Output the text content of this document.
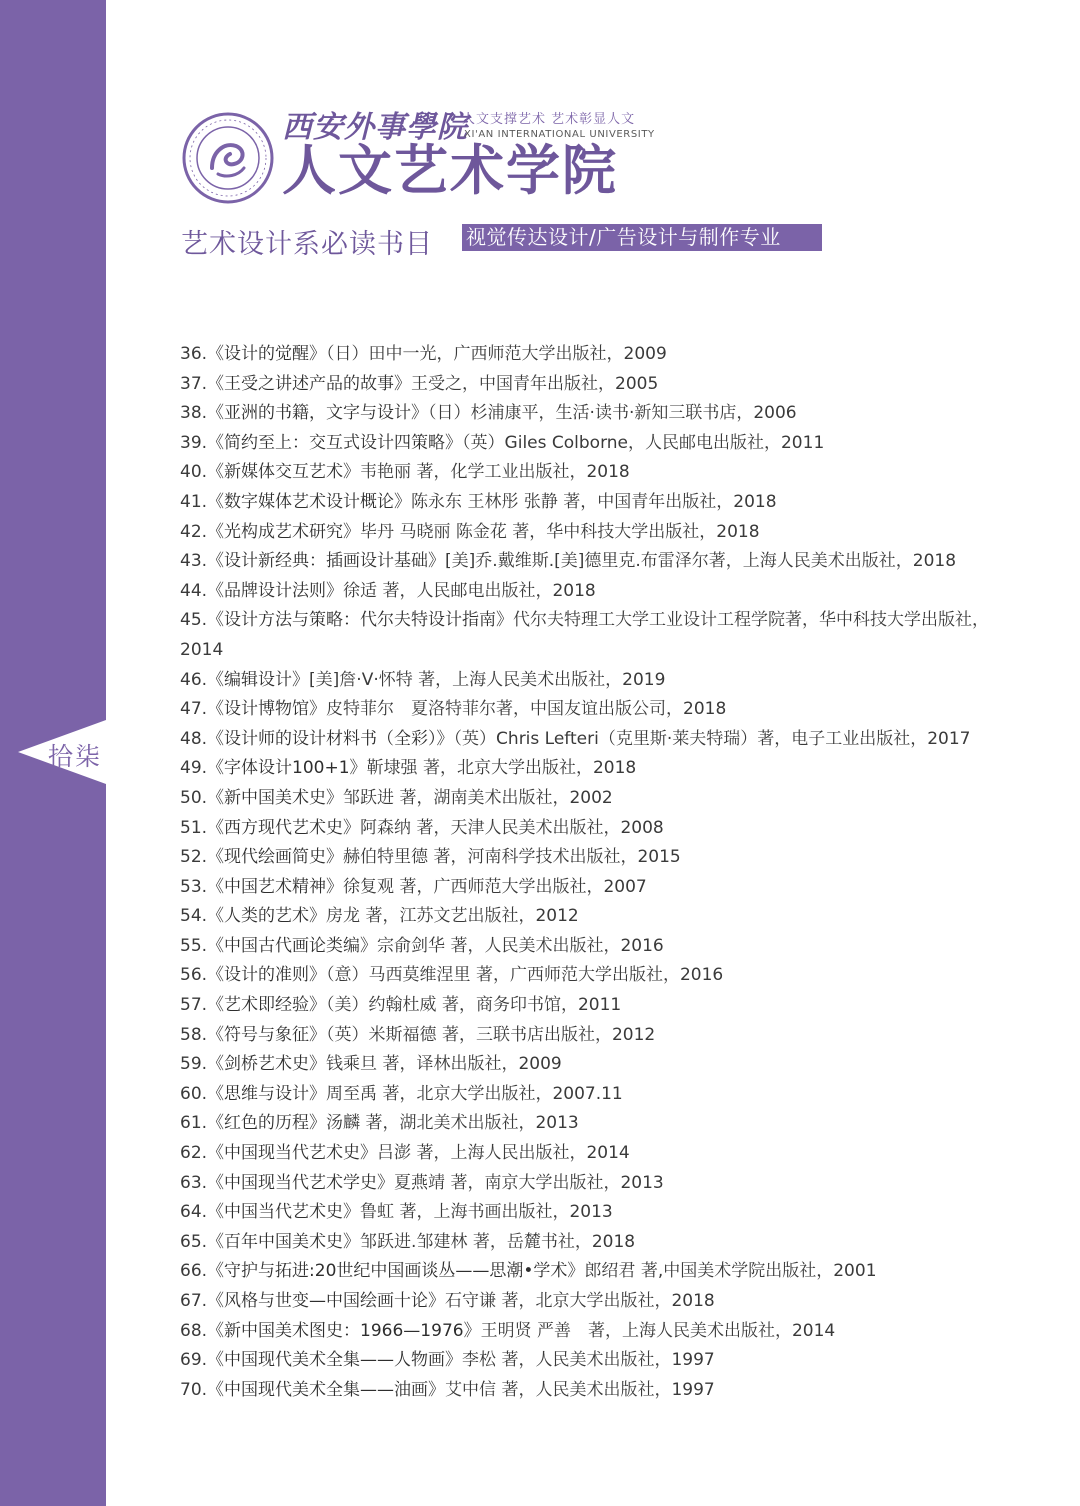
拾柒
西安外事學院
人文支撑艺术 艺术彰显人文
XI'AN INTERNATIONAL UNIVERSITY
人文艺术学院
艺术设计系必读书目 视觉传达设计/广告设计与制作专业
36.《设计的觉醒》（日）田中一光，广西师范大学出版社，2009
37.《王受之讲述产品的故事》王受之，中国青年出版社，2005
38.《亚洲的书籍，文字与设计》（日）杉浦康平，生活·读书·新知三联书店，2006
39.《简约至上：交互式设计四策略》（英）Giles Colborne，人民邮电出版社，2011
40.《新媒体交互艺术》韦艳丽 著，化学工业出版社，2018
41.《数字媒体艺术设计概论》陈永东 王林彤 张静 著，中国青年出版社，2018
42.《光构成艺术研究》毕丹 马晓丽 陈金花 著，华中科技大学出版社，2018
43.《设计新经典：插画设计基础》[美]乔.戴维斯.[美]德里克.布雷泽尔著，上海人民美术出版社，2018
44.《品牌设计法则》徐适 著，人民邮电出版社，2018
45.《设计方法与策略：代尔夫特设计指南》代尔夫特理工大学工业设计工程学院著，华中科技大学出版社，2014
46.《编辑设计》[美]詹·V·怀特 著，上海人民美术出版社，2019
47.《设计博物馆》皮特菲尔　夏洛特菲尔著，中国友谊出版公司，2018
48.《设计师的设计材料书（全彩）》（英）Chris Lefteri（克里斯·莱夫特瑞）著，电子工业出版社，2017
49.《字体设计100+1》靳埭强 著，北京大学出版社，2018
50.《新中国美术史》邹跃进 著，湖南美术出版社，2002
51.《西方现代艺术史》阿森纳 著，天津人民美术出版社，2008
52.《现代绘画简史》赫伯特里德 著，河南科学技术出版社，2015
53.《中国艺术精神》徐复观 著，广西师范大学出版社，2007
54.《人类的艺术》房龙 著，江苏文艺出版社，2012
55.《中国古代画论类编》宗俞剑华 著，人民美术出版社，2016
56.《设计的准则》（意）马西莫维涅里 著，广西师范大学出版社，2016
57.《艺术即经验》（美）约翰杜威 著，商务印书馆，2011
58.《符号与象征》（英）米斯福德 著，三联书店出版社，2012
59.《剑桥艺术史》钱乘旦 著，译林出版社，2009
60.《思维与设计》周至禹 著，北京大学出版社，2007.11
61.《红色的历程》汤麟 著，湖北美术出版社，2013
62.《中国现当代艺术史》吕澎 著，上海人民出版社，2014
63.《中国现当代艺术学史》夏燕靖 著，南京大学出版社，2013
64.《中国当代艺术史》鲁虹 著，上海书画出版社，2013
65.《百年中国美术史》邹跃进.邹建林 著，岳麓书社，2018
66.《守护与拓进:20世纪中国画谈丛——思潮•学术》郎绍君 著,中国美术学院出版社，2001
67.《风格与世变—中国绘画十论》石守谦 著，北京大学出版社，2018
68.《新中国美术图史：1966—1976》王明贤 严善　著，上海人民美术出版社，2014
69.《中国现代美术全集——人物画》李松 著，人民美术出版社，1997
70.《中国现代美术全集——油画》艾中信 著，人民美术出版社，1997
